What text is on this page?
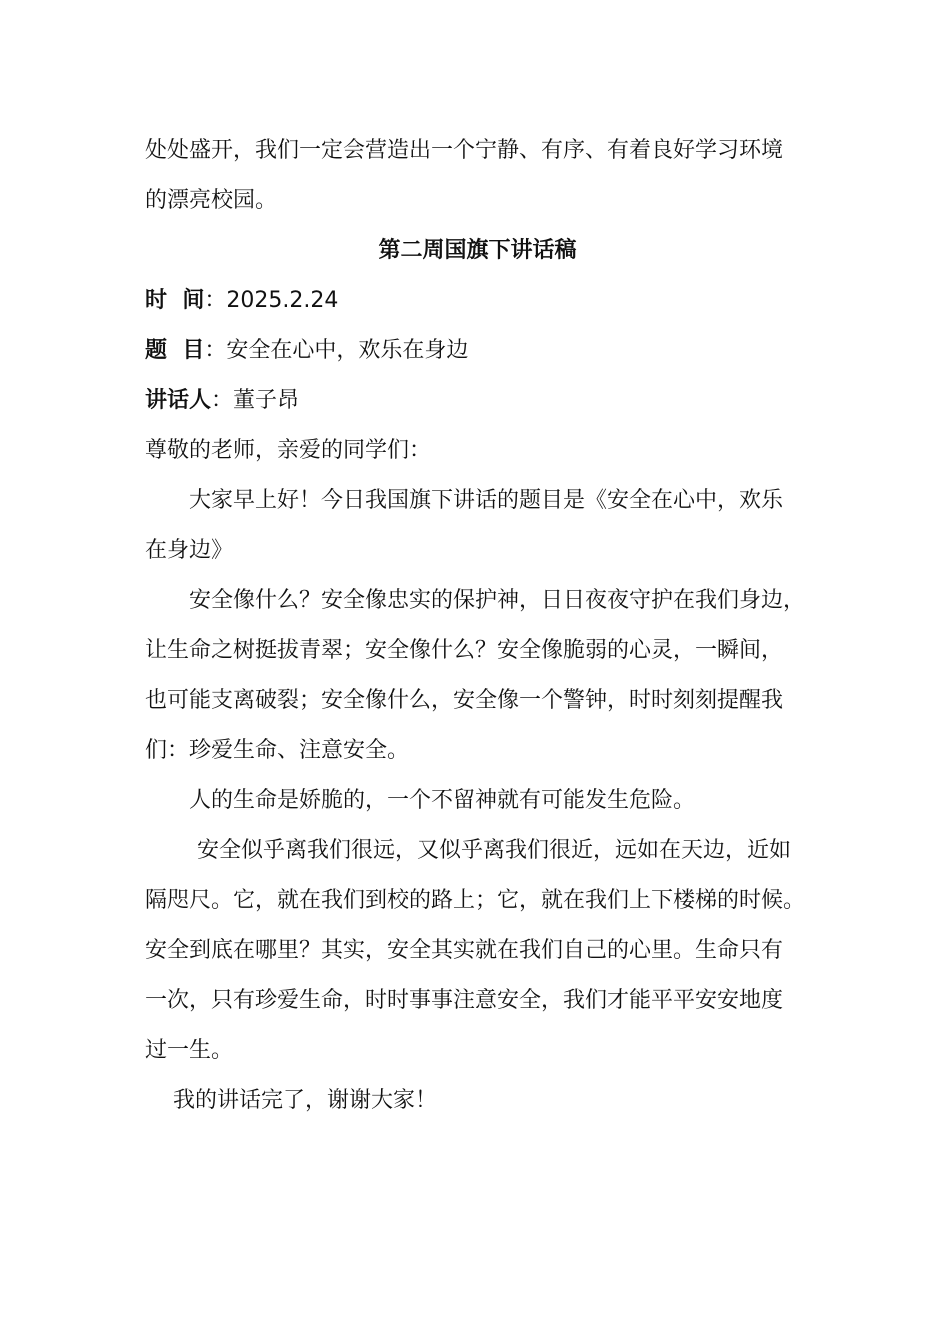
处处盛开，我们一定会营造出一个宁静、有序、有着良好学习环境
的漂亮校园。
第二周国旗下讲话稿
时  间：2025.2.24
题  目：安全在心中，欢乐在身边
讲话人：董子昂
尊敬的老师，亲爱的同学们：
大家早上好！今日我国旗下讲话的题目是《安全在心中，欢乐
在身边》
安全像什么？安全像忠实的保护神，日日夜夜守护在我们身边，
让生命之树挺拔青翠；安全像什么？安全像脆弱的心灵，一瞬间，
也可能支离破裂；安全像什么，安全像一个警钟，时时刻刻提醒我
们：珍爱生命、注意安全。
人的生命是娇脆的，一个不留神就有可能发生危险。
安全似乎离我们很远，又似乎离我们很近，远如在天边，近如
隔咫尺。它，就在我们到校的路上；它，就在我们上下楼梯的时候。
安全到底在哪里？其实，安全其实就在我们自己的心里。生命只有
一次，只有珍爱生命，时时事事注意安全，我们才能平平安安地度
过一生。
我的讲话完了，谢谢大家！
